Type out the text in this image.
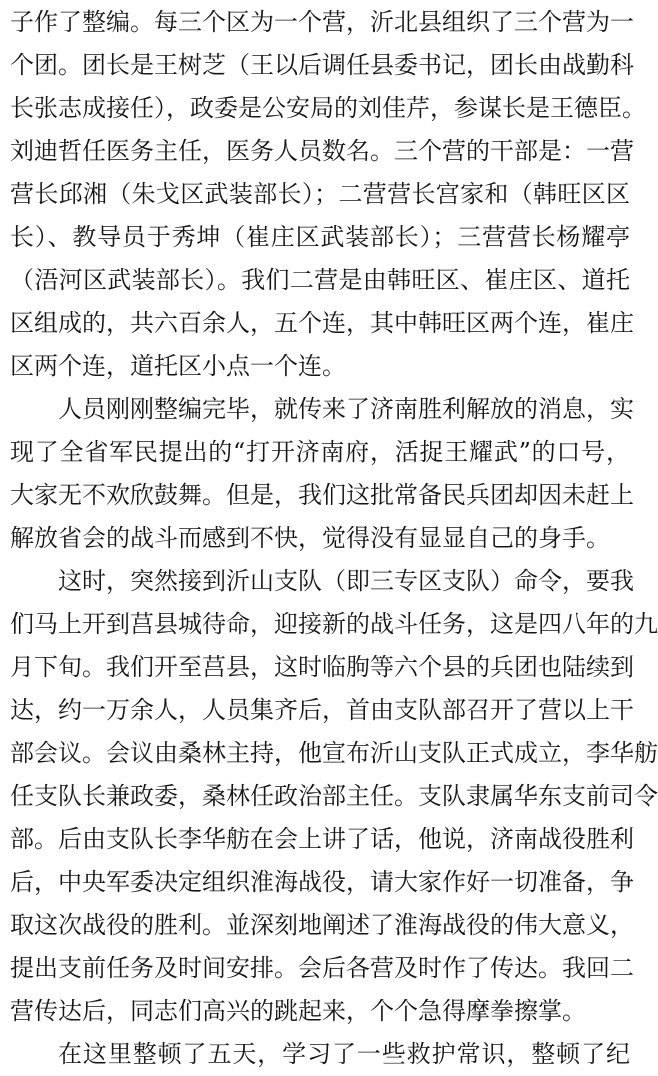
子作了整编。每三个区为一个营，沂北县组织了三个营为一
个团。团长是王树芝（王以后调任县委书记，团长由战勤科
长张志成接任），政委是公安局的刘佳芹，参谋长是王德臣。
刘迪哲任医务主任，医务人员数名。三个营的干部是：一营
营长邱湘（朱戈区武装部长）；二营营长宫家和（韩旺区区
长）、教导员于秀坤（崔庄区武装部长）；三营营长杨耀亭
（浯河区武装部长）。我们二营是由韩旺区、崔庄区、道托
区组成的，共六百余人，五个连，其中韩旺区两个连，崔庄
区两个连，道托区小点一个连。
人员刚刚整编完毕，就传来了济南胜利解放的消息，实
现了全省军民提出的“打开济南府，活捉王耀武”的口号，
大家无不欢欣鼓舞。但是，我们这批常备民兵团却因未赶上
解放省会的战斗而感到不快，觉得没有显显自己的身手。
这时，突然接到沂山支队（即三专区支队）命令，要我
们马上开到莒县城待命，迎接新的战斗任务，这是四八年的九
月下旬。我们开至莒县，这时临朐等六个县的兵团也陆续到
达，约一万余人，人员集齐后，首由支队部召开了营以上干
部会议。会议由桑林主持，他宣布沂山支队正式成立，李华舫
任支队长兼政委，桑林任政治部主任。支队隶属华东支前司令
部。后由支队长李华舫在会上讲了话，他说，济南战役胜利
后，中央军委决定组织淮海战役，请大家作好一切准备，争
取这次战役的胜利。並深刻地阐述了淮海战役的伟大意义，
提出支前任务及时间安排。会后各营及时作了传达。我回二
营传达后，同志们高兴的跳起来，个个急得摩拳擦掌。
在这里整顿了五天，学习了一些救护常识，整顿了纪
